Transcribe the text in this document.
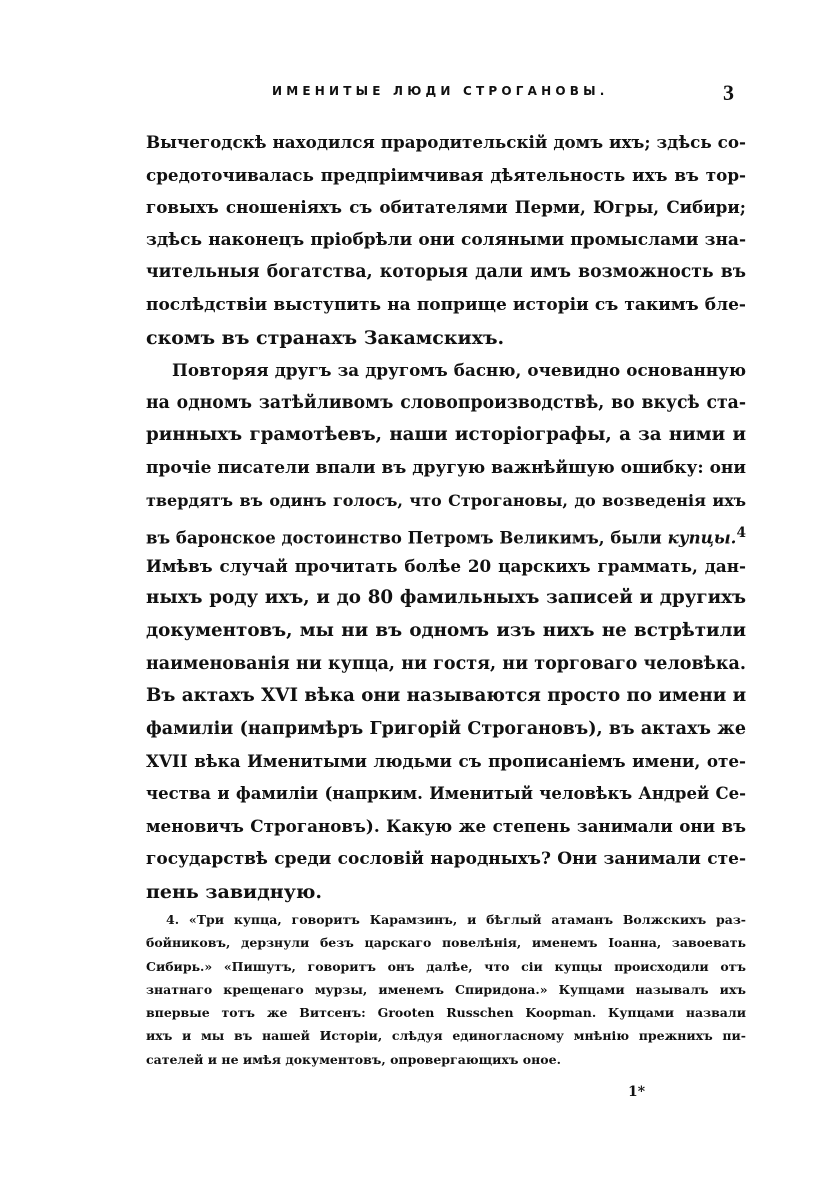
ИМЕНИТЫЕ ЛЮДИ СТРОГАНОВЫ.	3
Вычегодскѣ находился прародительскій домъ ихъ; здѣсь со-
средоточивалась предпріимчивая дѣятельность ихъ въ тор-
говыхъ сношеніяхъ съ обитателями Перми, Югры, Сибири;
здѣсь наконецъ пріобрѣли они соляными промыслами зна-
чительныя богатства, которыя дали имъ возможность въ
послѣдствіи выступить на поприще исторіи съ такимъ бле-
скомъ въ странахъ Закамскихъ.
Повторяя другъ за другомъ басню, очевидно основанную
на одномъ затѣйливомъ словопроизводствѣ, во вкусѣ ста-
ринныхъ грамотѣевъ, наши исторіографы, а за ними и
прочіе писатели впали въ другую важнѣйшую ошибку: они
твердятъ въ одинъ голосъ, что Строгановы, до возведенія ихъ
въ баронское достоинство Петромъ Великимъ, были купцы.$^4$
Имѣвъ случай прочитать болѣе 20 царскихъ граммать, дан-
ныхъ роду ихъ, и до 80 фамильныхъ записей и другихъ
документовъ, мы ни въ одномъ изъ нихъ не встрѣтили
наименованія ни купца, ни гостя, ни торговаго человѣка.
Въ актахъ XVI вѣка они называются просто по имени и
фамиліи (напримѣръ Григорій Строгановъ), въ актахъ же
XVII вѣка Именитыми людьми съ прописаніемъ имени, оте-
чества и фамиліи (напрким. Именитый человѣкъ Андрей Се-
меновичъ Строгановъ). Какую же степень занимали они въ
государствѣ среди сословій народныхъ? Они занимали сте-
пень завидную.
4. «Три купца, говоритъ Карамзинъ, и бѣглый атаманъ Волжскихъ раз-
бойниковъ, дерзнули безъ царскаго повелѣнія, именемъ Іоанна, завоевать
Сибирь.» «Пишутъ, говоритъ онъ далѣе, что сіи купцы происходили отъ
знатнаго крещенаго мурзы, именемъ Спиридона.» Купцами называлъ ихъ
впервые тотъ же Витсенъ: Grooten Russchen Koopman. Купцами назвали
ихъ и мы въ нашей Исторіи, слѣдуя единогласному мнѣнію прежнихъ пи-
сателей и не имѣя документовъ, опровергающихъ оное.
1*
